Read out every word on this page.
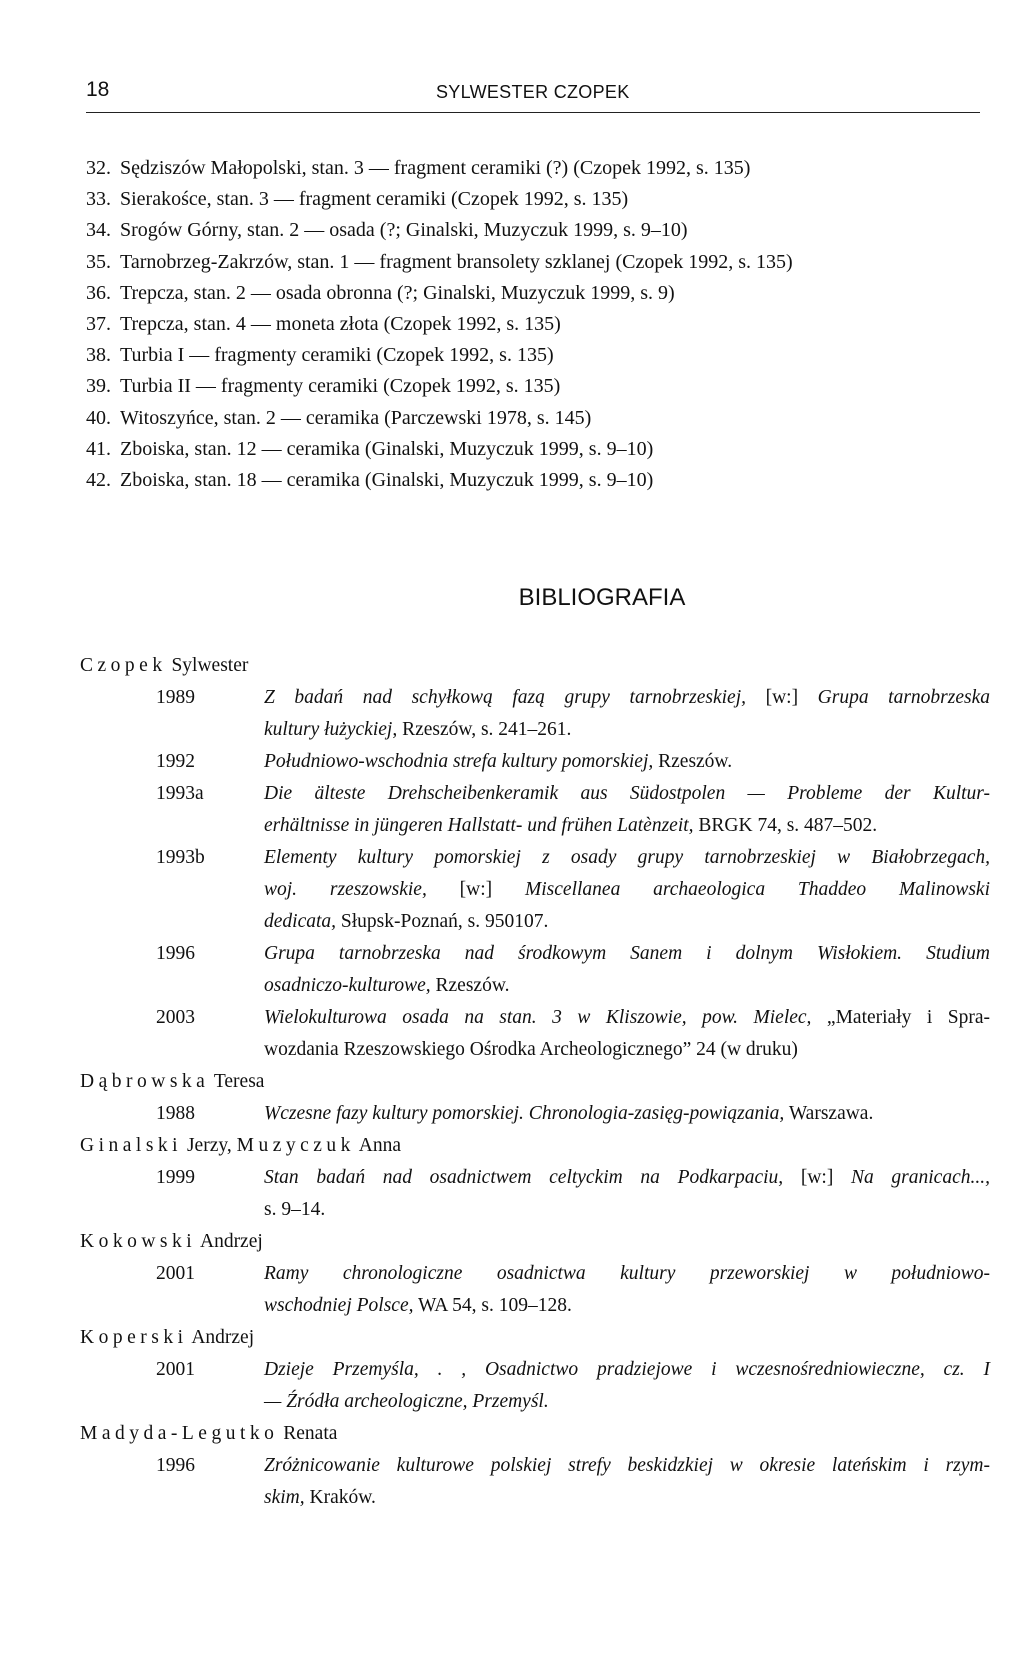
18	SYLWESTER CZOPEK
32. Sędziszów Małopolski, stan. 3 — fragment ceramiki (?) (Czopek 1992, s. 135)
33. Sierakośce, stan. 3 — fragment ceramiki (Czopek 1992, s. 135)
34. Srogów Górny, stan. 2 — osada (?; Ginalski, Muzyczuk 1999, s. 9–10)
35. Tarnobrzeg-Zakrzów, stan. 1 — fragment bransolety szklanej (Czopek 1992, s. 135)
36. Trepcza, stan. 2 — osada obronna (?; Ginalski, Muzyczuk 1999, s. 9)
37. Trepcza, stan. 4 — moneta złota (Czopek 1992, s. 135)
38. Turbia I — fragmenty ceramiki (Czopek 1992, s. 135)
39. Turbia II — fragmenty ceramiki (Czopek 1992, s. 135)
40. Witoszyńce, stan. 2 — ceramika (Parczewski 1978, s. 145)
41. Zboiska, stan. 12 — ceramika (Ginalski, Muzyczuk 1999, s. 9–10)
42. Zboiska, stan. 18 — ceramika (Ginalski, Muzyczuk 1999, s. 9–10)
BIBLIOGRAFIA
Czopek Sylwester
1989	Z badań nad schyłkową fazą grupy tarnobrzeskiej, [w:] Grupa tarnobrzeska
kultury łużyckiej, Rzeszów, s. 241–261.
1992	Południowo-wschodnia strefa kultury pomorskiej, Rzeszów.
1993a	Die älteste Drehscheibenkeramik aus Südostpolen — Probleme der Kultur-
erhältnisse in jüngeren Hallstatt- und frühen Latènzeit, BRGK 74, s. 487–502.
1993b	Elementy kultury pomorskiej z osady grupy tarnobrzeskiej w Białobrzegach,
woj. rzeszowskie, [w:] Miscellanea archaeologica Thaddeo Malinowski
dedicata, Słupsk-Poznań, s. 950107.
1996	Grupa tarnobrzeska nad środkowym Sanem i dolnym Wisłokiem. Studium
osadniczo-kulturowe, Rzeszów.
2003	Wielokulturowa osada na stan. 3 w Kliszowie, pow. Mielec, „Materiały i Spra-
wozdania Rzeszowskiego Ośrodka Archeologicznego” 24 (w druku)
Dąbrowska Teresa
1988	Wczesne fazy kultury pomorskiej. Chronologia-zasięg-powiązania, Warszawa.
Ginalski Jerzy, Muzyczuk Anna
1999	Stan badań nad osadnictwem celtyckim na Podkarpaciu, [w:] Na granicach...,
s. 9–14.
Kokowski Andrzej
2001	Ramy chronologiczne osadnictwa kultury przeworskiej w południowo-
wschodniej Polsce, WA 54, s. 109–128.
Koperski Andrzej
2001	Dzieje Przemyśla, . , Osadnictwo pradziejowe i wczesnośredniowieczne, cz. I
— Źródła archeologiczne, Przemyśl.
Madyda-Legutko Renata
1996	Zróżnicowanie kulturowe polskiej strefy beskidzkiej w okresie lateńskim i rzym-
skim, Kraków.
